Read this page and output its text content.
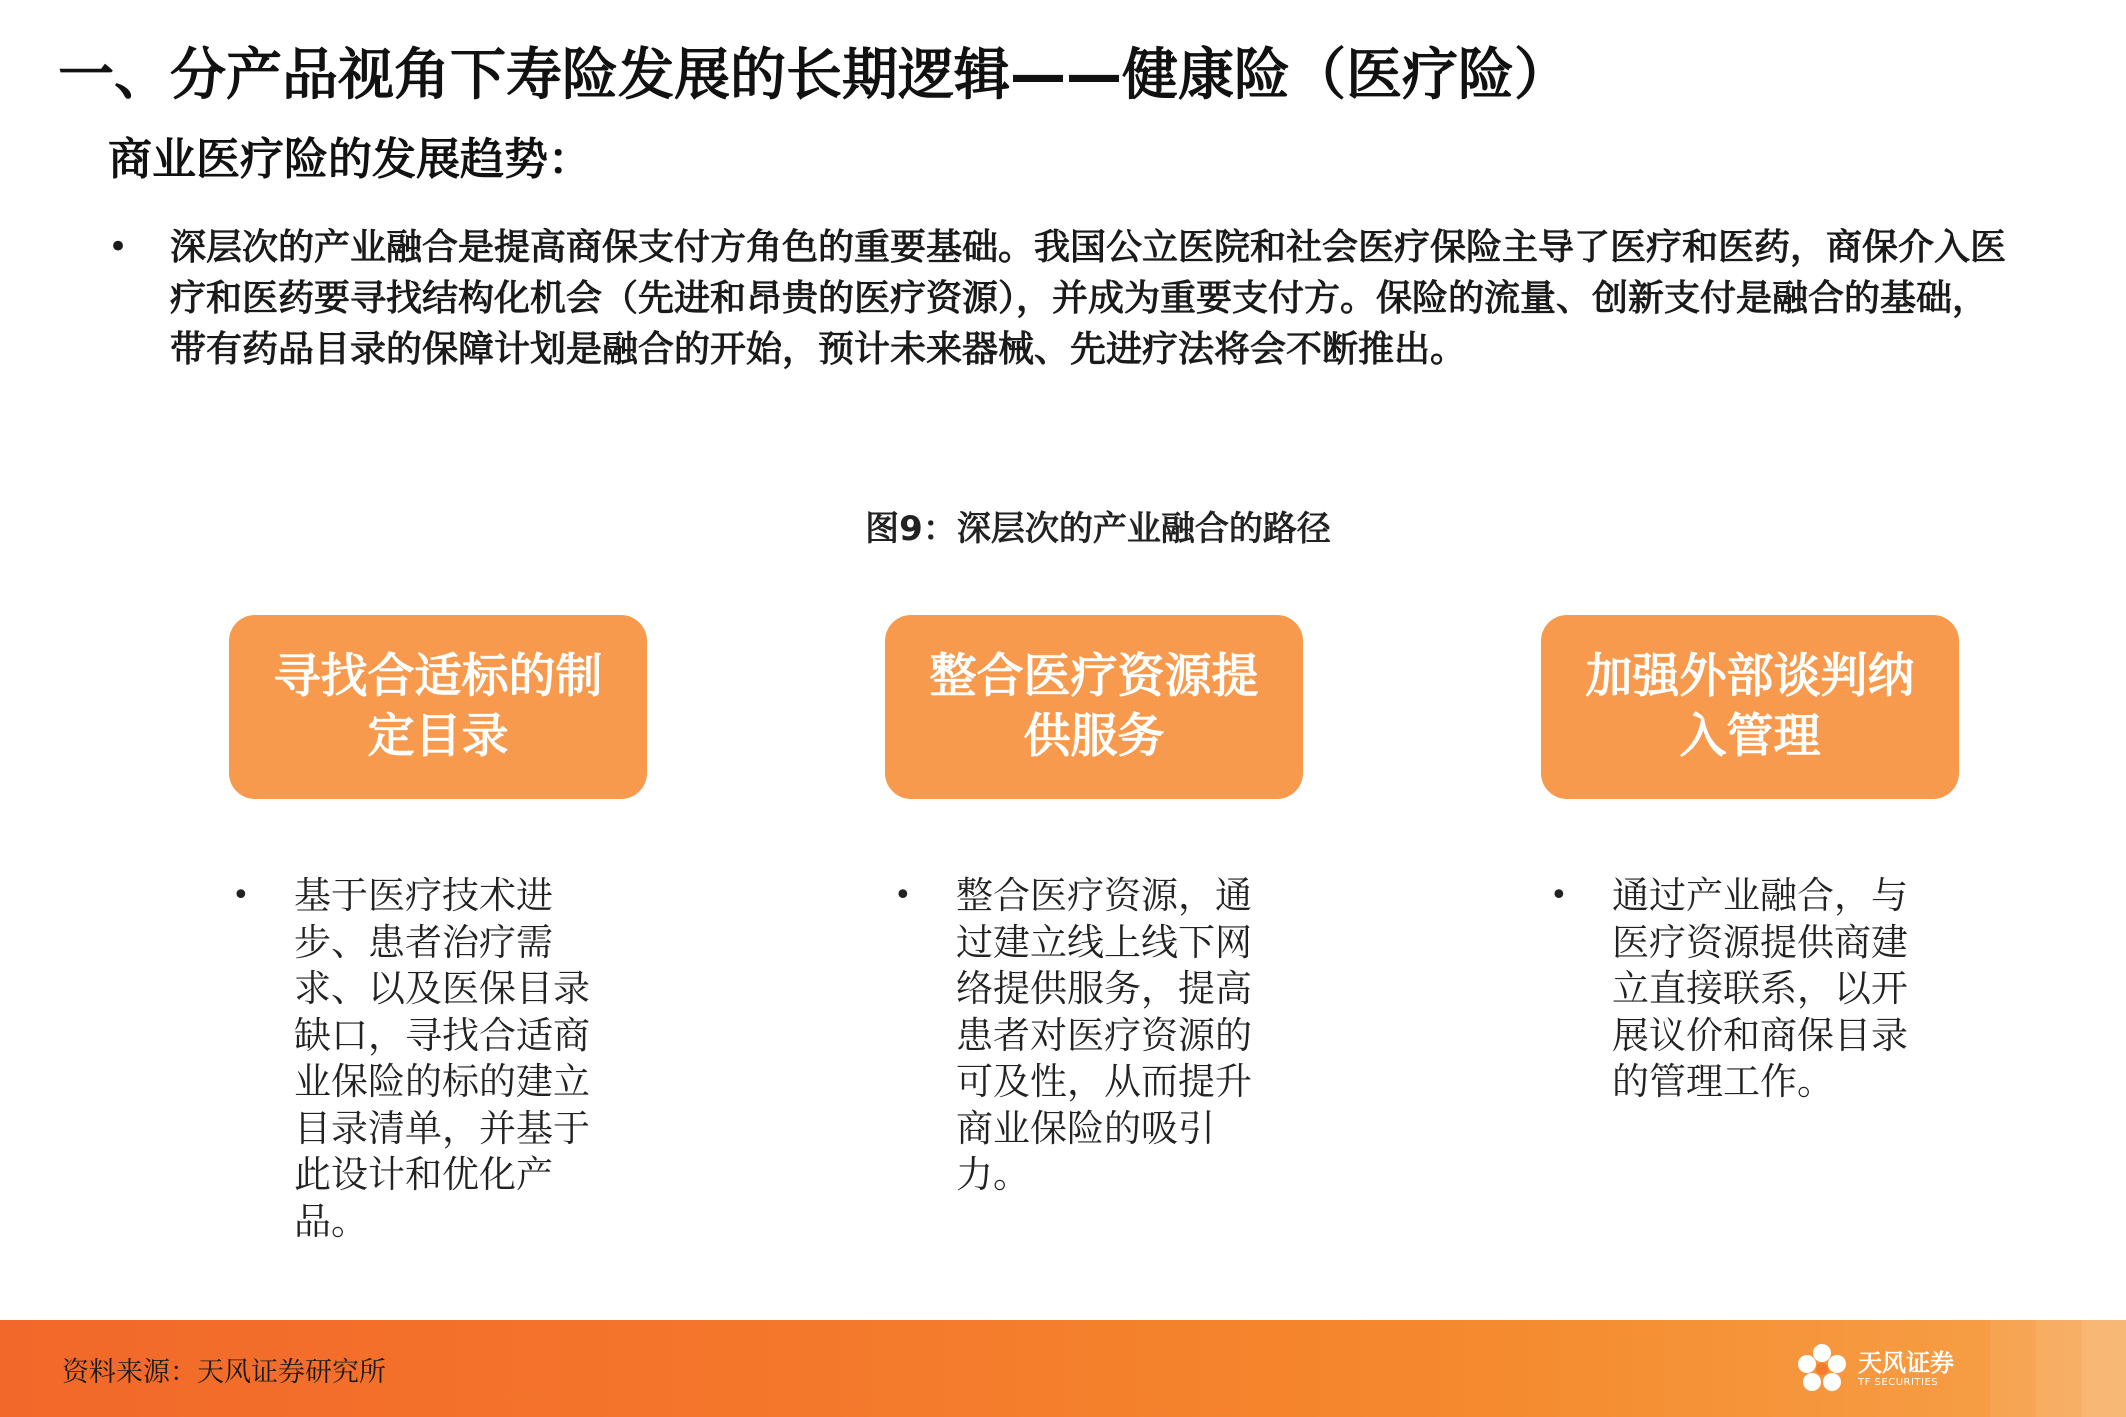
一、分产品视角下寿险发展的长期逻辑——健康险（医疗险）
商业医疗险的发展趋势：
• 深层次的产业融合是提高商保支付方角色的重要基础。我国公立医院和社会医疗保险主导了医疗和医药，商保介入医疗和医药要寻找结构化机会（先进和昂贵的医疗资源），并成为重要支付方。保险的流量、创新支付是融合的基础，带有药品目录的保障计划是融合的开始，预计未来器械、先进疗法将会不断推出。

图9：深层次的产业融合的路径
寻找合适标的制定目录
• 基于医疗技术进步、患者治疗需求、以及医保目录缺口，寻找合适商业保险的标的建立目录清单，并基于此设计和优化产品。

整合医疗资源提供服务
• 整合医疗资源，通过建立线上线下网络提供服务，提高患者对医疗资源的可及性，从而提升商业保险的吸引力。

加强外部谈判纳入管理
• 通过产业融合，与医疗资源提供商建立直接联系，以开展议价和商保目录的管理工作。

资料来源：天风证券研究所	天风证券
TF SECURITIES
